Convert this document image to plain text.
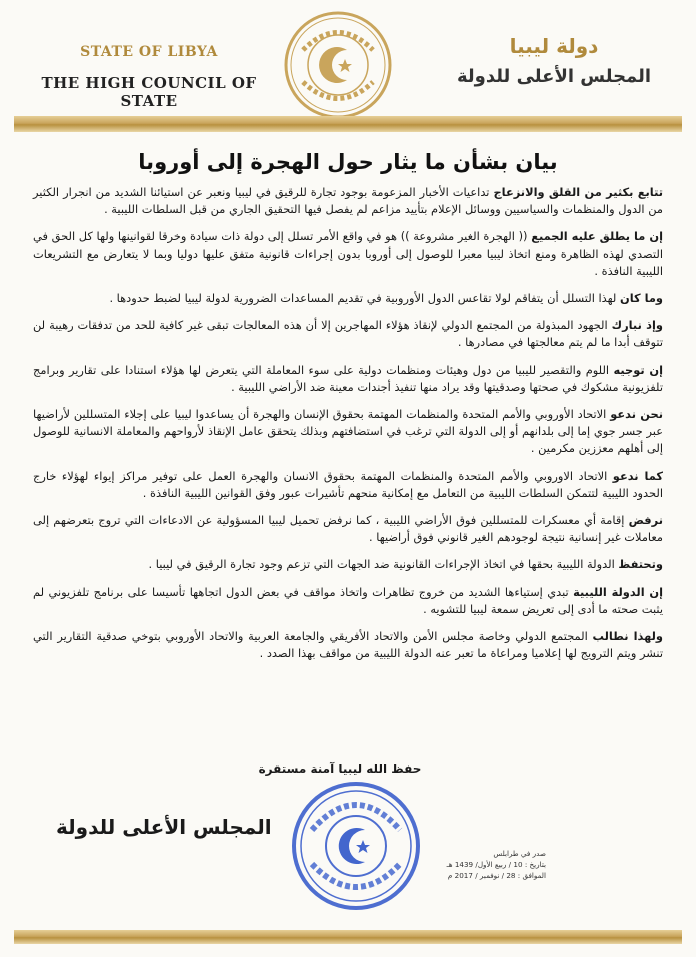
STATE OF LIBYA
THE HIGH COUNCIL OF STATE
دولة ليبيا
المجلس الأعلى للدولة
بيان بشأن ما يثار حول الهجرة إلى أوروبا

تتابع بكثير من القلق والانزعاج تداعيات الأخبار المزعومة بوجود تجارة للرقيق في ليبيا ونعبر عن استيائنا الشديد من انجرار الكثير من الدول والمنظمات والسياسيين ووسائل الإعلام بتأييد مزاعم لم يفصل فيها التحقيق الجاري من قبل السلطات الليبية .

إن ما يطلق عليه الجميع (( الهجرة الغير مشروعة )) هو في واقع الأمر تسلل إلى دولة ذات سيادة وخرقا لقوانينها ولها كل الحق في التصدي لهذه الظاهرة ومنع اتخاذ ليبيا معبرا للوصول إلى أوروبا بدون إجراءات قانونية متفق عليها دوليا وبما لا يتعارض مع التشريعات الليبية النافذة .

وما كان لهذا التسلل أن يتفاقم لولا تقاعس الدول الأوروبية في تقديم المساعدات الضرورية لدولة ليبيا لضبط حدودها .

وإذ نبارك الجهود المبذولة من المجتمع الدولي لإنقاذ هؤلاء المهاجرين إلا أن هذه المعالجات تبقى غير كافية للحد من تدفقات رهيبة لن تتوقف أبدا ما لم يتم معالجتها في مصادرها .

إن توجيه اللوم والتقصير لليبيا من دول وهيئات ومنظمات دولية على سوء المعاملة التي يتعرض لها هؤلاء استنادا على تقارير وبرامج تلفزيونية مشكوك في صحتها وصدقيتها وقد يراد منها تنفيذ أجندات معينة ضد الأراضي الليبية .

نحن ندعو الاتحاد الأوروبي والأمم المتحدة والمنظمات المهتمة بحقوق الإنسان والهجرة أن يساعدوا ليبيا على إجلاء المتسللين لأراضيها عبر جسر جوي إما إلى بلدانهم أو إلى الدولة التي ترغب في استضافتهم وبذلك يتحقق عامل الإنقاذ لأرواحهم والمعاملة الانسانية للوصول إلى أهلهم معززين مكرمين .

كما ندعو الاتحاد الاوروبي والأمم المتحدة والمنظمات المهتمة بحقوق الانسان والهجرة العمل على توفير مراكز إيواء لهؤلاء خارج الحدود الليبية لتتمكن السلطات الليبية من التعامل مع إمكانية منحهم تأشيرات عبور وفق القوانين الليبية النافذة .

نرفض إقامة أي معسكرات للمتسللين فوق الأراضي الليبية ، كما نرفض تحميل ليبيا المسؤولية عن الادعاءات التي تروج بتعرضهم إلى معاملات غير إنسانية نتيجة لوجودهم الغير قانوني فوق أراضيها .

وتحتفظ الدولة الليبية بحقها في اتخاذ الإجراءات القانونية ضد الجهات التي تزعم وجود تجارة الرقيق في ليبيا .

إن الدولة الليبية تبدي إستياءها الشديد من خروج تظاهرات واتخاذ مواقف في بعض الدول اتجاهها تأسيسا على برنامج تلفزيوني لم يثبت صحته ما أدى إلى تعريض سمعة ليبيا للتشويه .

ولهذا نطالب المجتمع الدولي وخاصة مجلس الأمن والاتحاد الأفريقي والجامعة العربية والاتحاد الأوروبي بتوخي صدقية التقارير التي تنشر ويتم الترويج لها إعلاميا ومراعاة ما تعبر عنه الدولة الليبية من مواقف بهذا الصدد .

حفظ الله ليبيا آمنة مستقرة
المجلس الأعلى للدولة
صدر في طرابلس
بتاريخ : 10 / ربيع الأول/ 1439 هـ
الموافق : 28 / نوفمبر / 2017 م
